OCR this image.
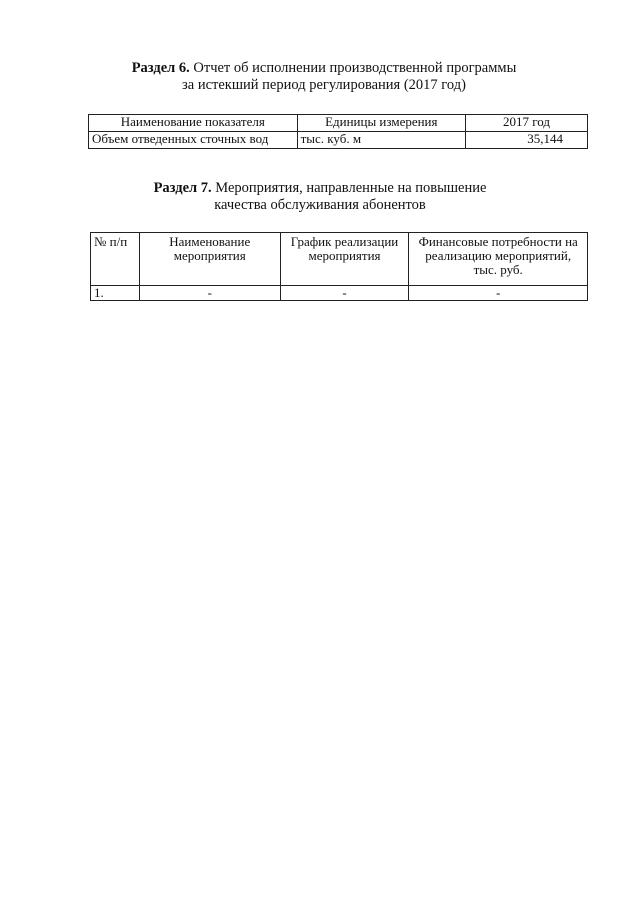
Раздел 6. Отчет об исполнении производственной программы
за истекший период регулирования (2017 год)
Наименование показателя	Единицы измерения	2017 год
Объем отведенных сточных вод	тыс. куб. м	35,144
Раздел 7. Мероприятия, направленные на повышение
качества обслуживания абонентов
№ п/п	Наименование мероприятия	График реализации мероприятия	Финансовые потребности на реализацию мероприятий, тыс. руб.
1.	-	-	-
